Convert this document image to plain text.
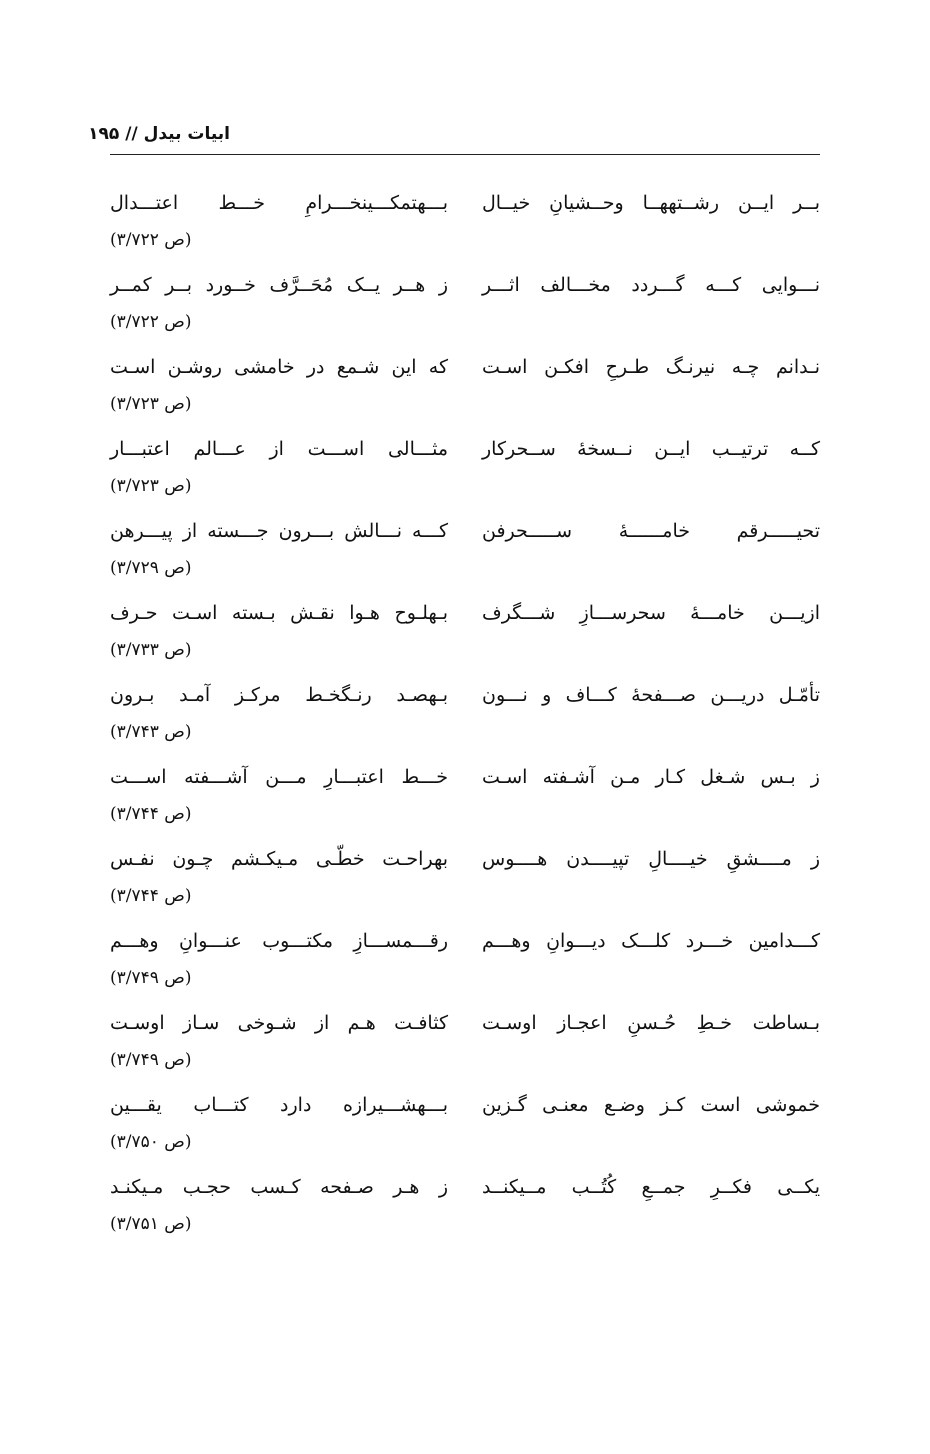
ابیات بیدل // ۱۹۵
بــر ایــن رشــتههــا وحــشیانِ خیــال
بـــهتمکـــینخـــرامِ خـــط اعتـــدال
(ص ۳/۷۲۲)
نـــوایی کـــه گـــردد مخـــالف اثـــر
ز هــر یــک مُحَــرَّف خــورد بــر کمــر
(ص ۳/۷۲۲)
نـدانم چـه نیرنـگ طـرحِ افکـن اسـت
که این شـمع در خامشی روشـن اسـت
(ص ۳/۷۲۳)
کــه ترتیــب ایــن نــسخهٔ ســحرکار
مثـــالی اســـت از عـــالم اعتبـــار
(ص ۳/۷۲۳)
تحیـــــرقم خامــــــهٔ ســـــحرفن
کـــه نـــالش بـــرون جـــسته از پیـــرهن
(ص ۳/۷۲۹)
ازیـــن خامـــهٔ سحرســـازِ شـــگرف
بـهلـوح هـوا نقـش بـسته اسـت حـرف
(ص ۳/۷۳۳)
تأمّـل دریـــن صـــفحهٔ کـــاف و نـــون
بـهصـد رنـگخـط مرکـز آمـد بـرون
(ص ۳/۷۴۳)
ز بـس شـغل کـار مـن آشـفته اسـت
خـــط اعتبـــارِ مـــن آشـــفته اســـت
(ص ۳/۷۴۴)
ز مــــشقِ خیــــالِ تپیــــدن هــــوس
بهراحـت خطّـی مـیکـشم چـون نفـس
(ص ۳/۷۴۴)
کـــدامین خـــرد کلـــک دیـــوانِ وهـــم
رقـــمســـازِ مکتـــوب عنـــوانِ وهـــم
(ص ۳/۷۴۹)
بـساطت خـطِ حُـسنِ اعجـاز اوسـت
کثافـت هـم از شـوخی سـاز اوسـت
(ص ۳/۷۴۹)
خموشی است کـز وضـع معنـی گـزین
بـــهشـــیرازه دارد کتـــاب یقـــین
(ص ۳/۷۵۰)
یکــی فکــرِ جمــعِ کُتُــب مــیکنــد
ز هـر صـفحه کـسب حجـب مـیکنـد
(ص ۳/۷۵۱)
